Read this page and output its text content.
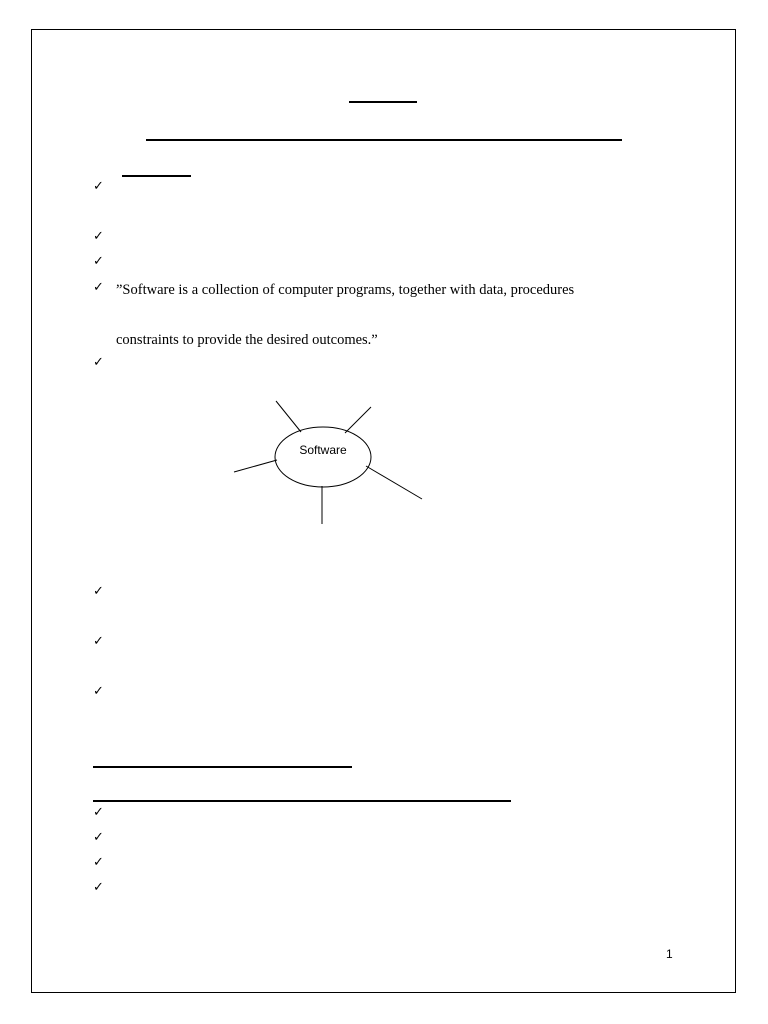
✓
✓
✓
✓ ”Software is a collection of computer programs, together with data, procedures
constraints to provide the desired outcomes.”
✓
Software
✓
✓
✓
✓
✓
✓
✓
1
